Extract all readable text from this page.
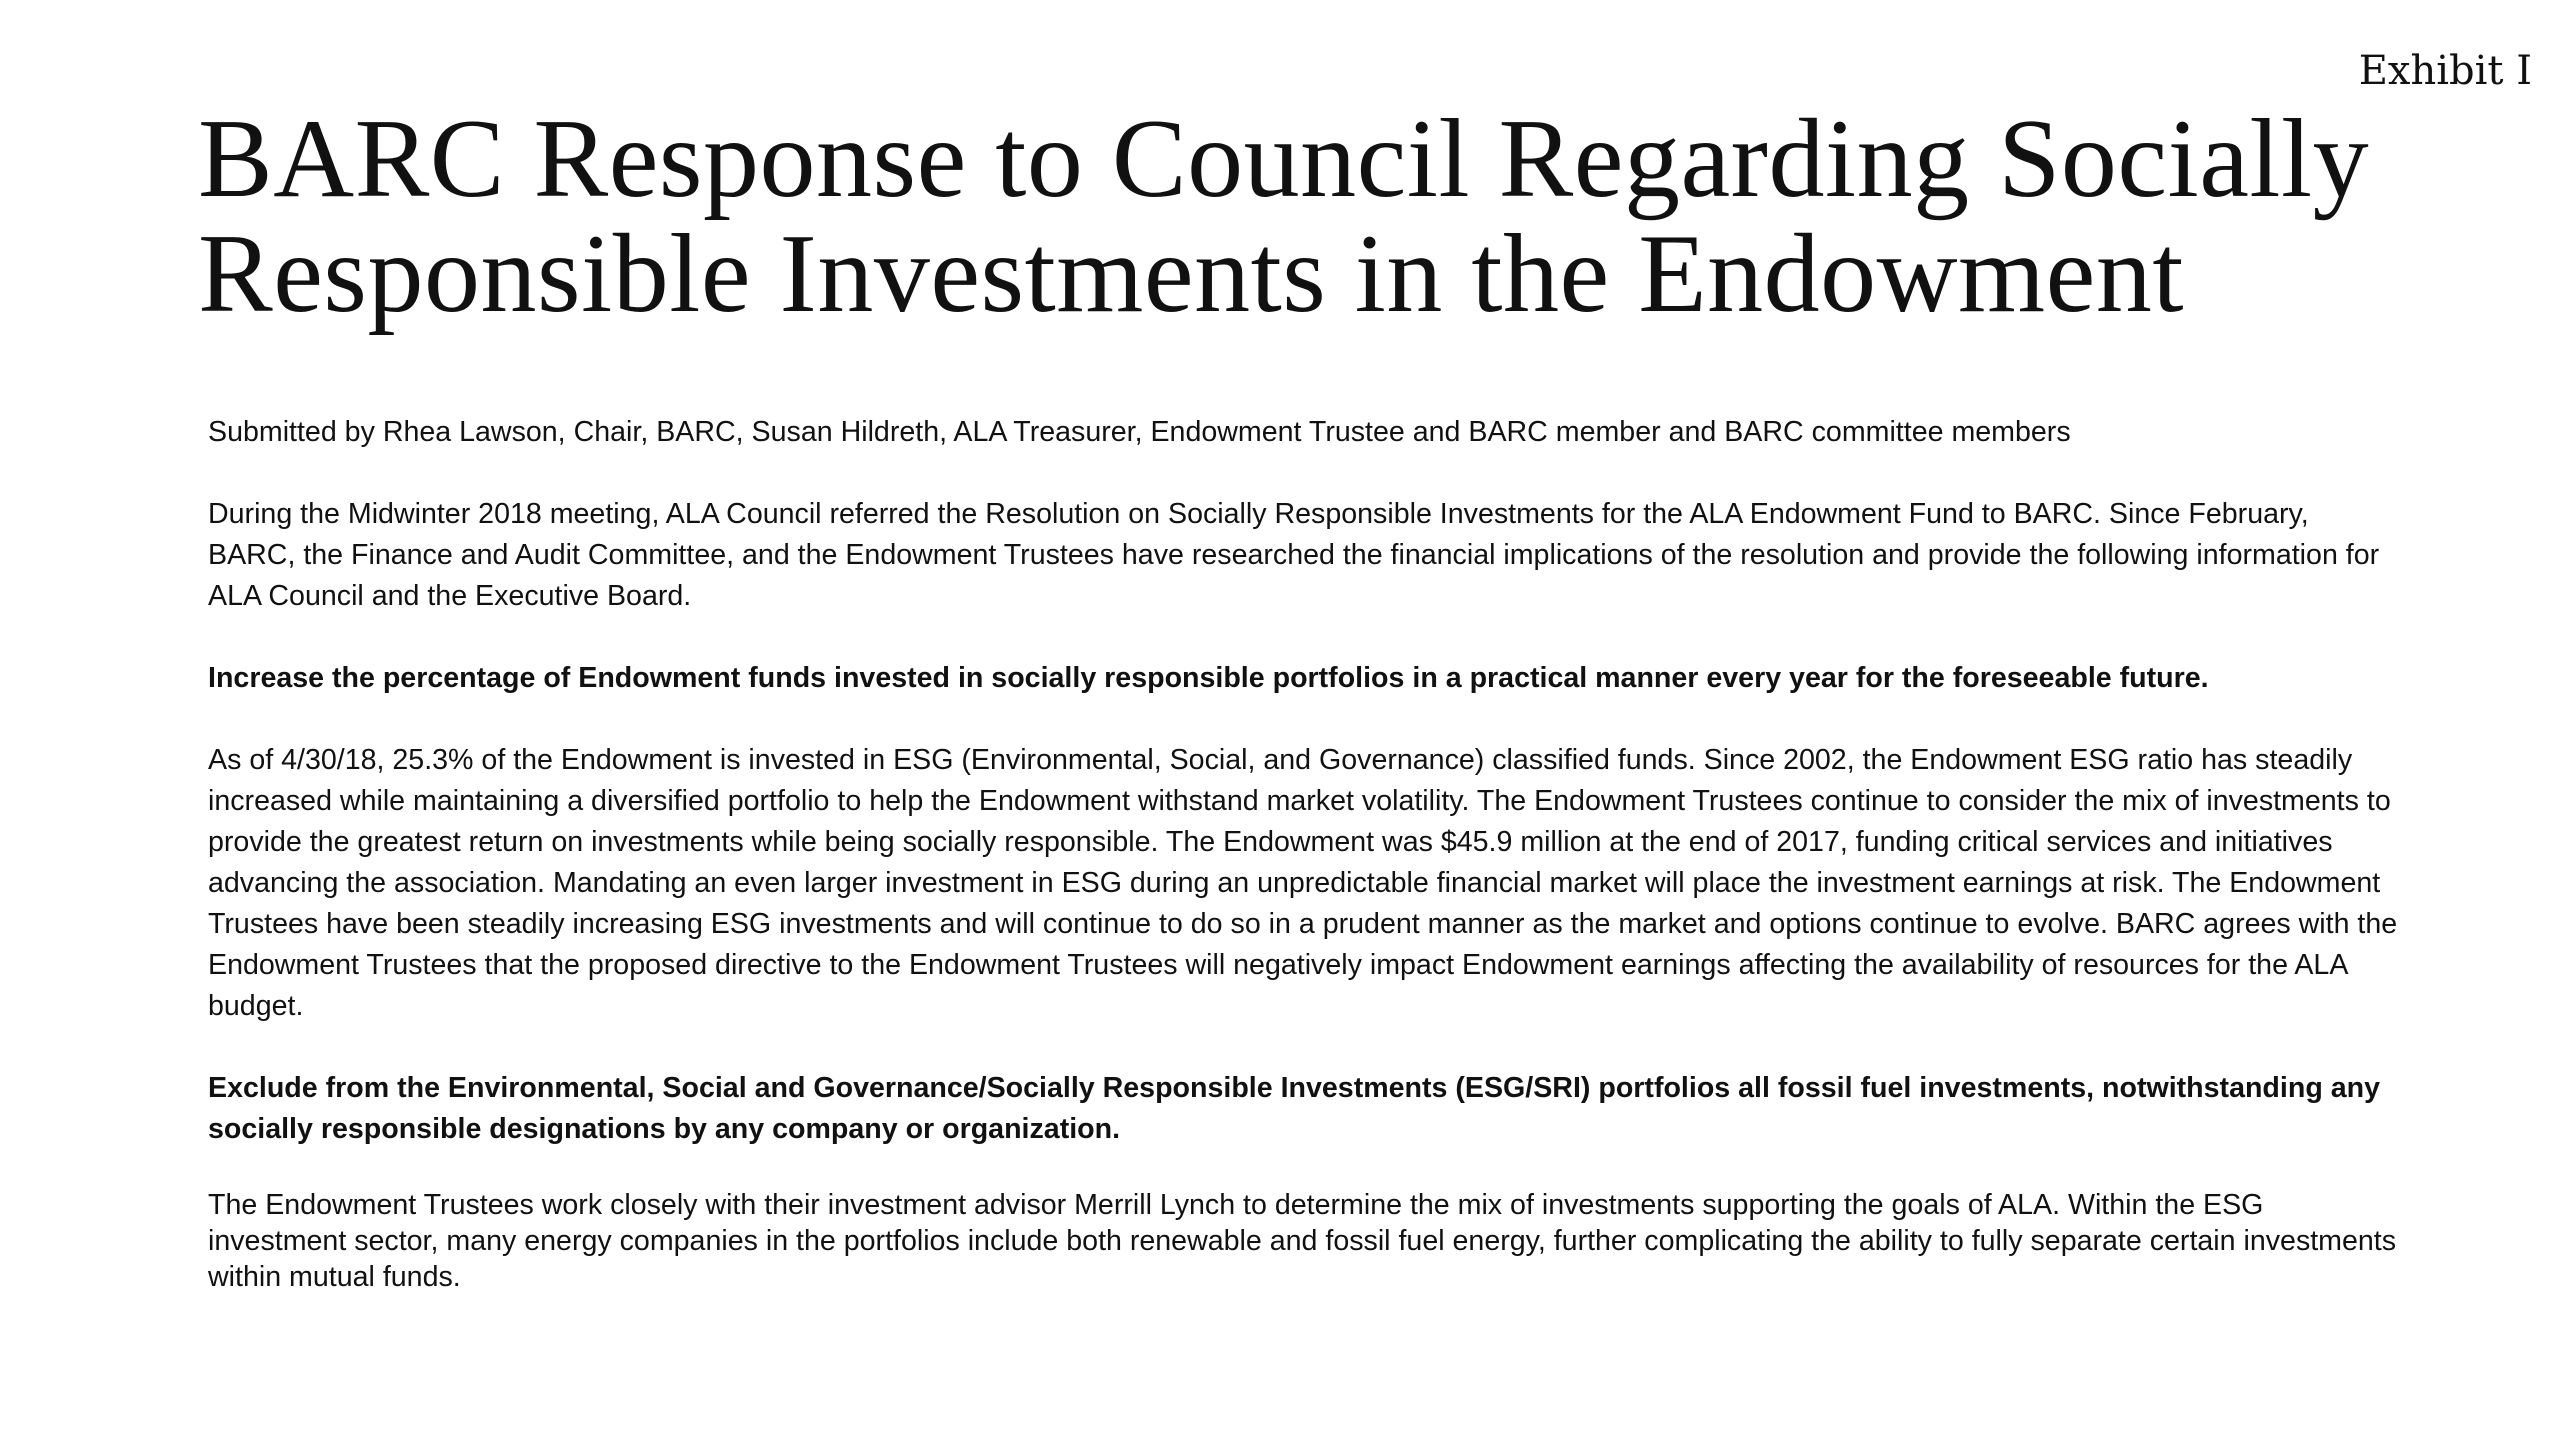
Exhibit I
BARC Response to Council Regarding Socially Responsible Investments in the Endowment

Submitted by Rhea Lawson, Chair, BARC, Susan Hildreth, ALA Treasurer, Endowment Trustee and BARC member and BARC committee members

During the Midwinter 2018 meeting, ALA Council referred the Resolution on Socially Responsible Investments for the ALA Endowment Fund to BARC. Since February, BARC, the Finance and Audit Committee, and the Endowment Trustees have researched the financial implications of the resolution and provide the following information for ALA Council and the Executive Board.

Increase the percentage of Endowment funds invested in socially responsible portfolios in a practical manner every year for the foreseeable future.

As of 4/30/18, 25.3% of the Endowment is invested in ESG (Environmental, Social, and Governance) classified funds. Since 2002, the Endowment ESG ratio has steadily increased while maintaining a diversified portfolio to help the Endowment withstand market volatility. The Endowment Trustees continue to consider the mix of investments to provide the greatest return on investments while being socially responsible. The Endowment was $45.9 million at the end of 2017, funding critical services and initiatives advancing the association. Mandating an even larger investment in ESG during an unpredictable financial market will place the investment earnings at risk. The Endowment Trustees have been steadily increasing ESG investments and will continue to do so in a prudent manner as the market and options continue to evolve. BARC agrees with the Endowment Trustees that the proposed directive to the Endowment Trustees will negatively impact Endowment earnings affecting the availability of resources for the ALA budget.

Exclude from the Environmental, Social and Governance/Socially Responsible Investments (ESG/SRI) portfolios all fossil fuel investments, notwithstanding any socially responsible designations by any company or organization.

The Endowment Trustees work closely with their investment advisor Merrill Lynch to determine the mix of investments supporting the goals of ALA. Within the ESG investment sector, many energy companies in the portfolios include both renewable and fossil fuel energy, further complicating the ability to fully separate certain investments within mutual funds.
